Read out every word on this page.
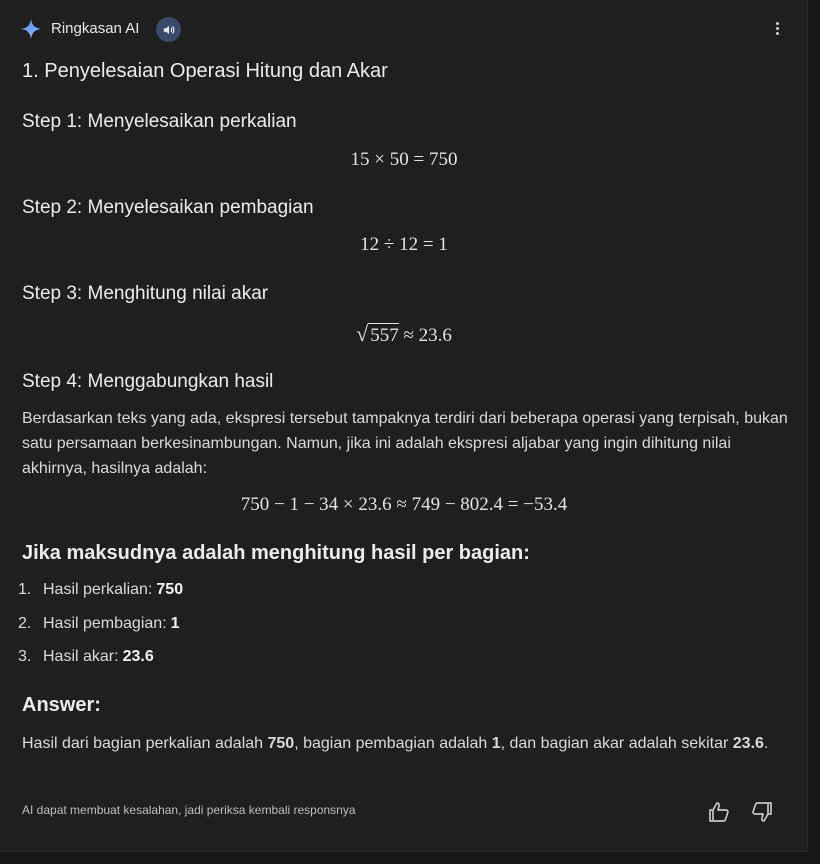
Ringkasan AI
1. Penyelesaian Operasi Hitung dan Akar
Step 1: Menyelesaikan perkalian
15 × 50 = 750
Step 2: Menyelesaikan pembagian
12 ÷ 12 = 1
Step 3: Menghitung nilai akar
√ 557 ≈ 23.6
Step 4: Menggabungkan hasil

Berdasarkan teks yang ada, ekspresi tersebut tampaknya terdiri dari beberapa operasi yang terpisah, bukan satu persamaan berkesinambungan. Namun, jika ini adalah ekspresi aljabar yang ingin dihitung nilai akhirnya, hasilnya adalah:

750 − 1 − 34 × 23.6 ≈ 749 − 802.4 = −53.4
Jika maksudnya adalah menghitung hasil per bagian:
1. Hasil perkalian: 750
2. Hasil pembagian: 1
3. Hasil akar: 23.6
Answer:

Hasil dari bagian perkalian adalah 750, bagian pembagian adalah 1, dan bagian akar adalah sekitar 23.6.

AI dapat membuat kesalahan, jadi periksa kembali responsnya
